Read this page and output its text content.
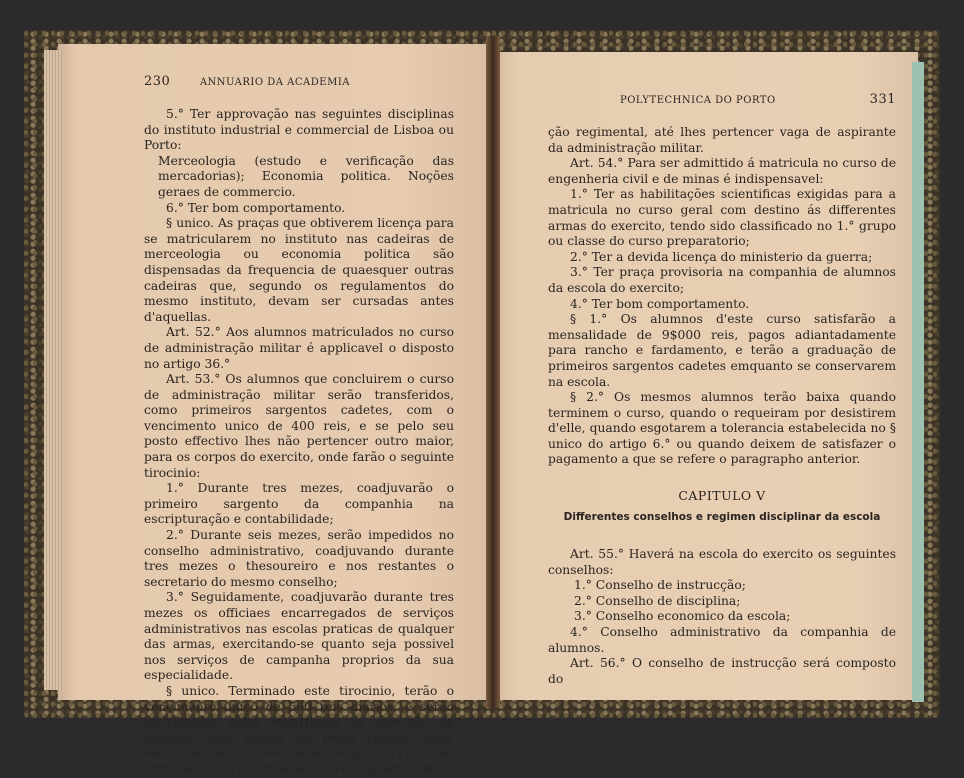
230	ANNUARIO DA ACADEMIA

5.° Ter approvação nas seguintes disciplinas do instituto industrial e commercial de Lisboa ou Porto:

Merceologia (estudo e verificação das mercadorias); Economia politica. Noções geraes de commercio.

6.° Ter bom comportamento.

§ unico. As praças que obtiverem licença para se matricularem no instituto nas cadeiras de merceologia ou economia politica são dispensadas da frequencia de quaesquer outras cadeiras que, segundo os regulamentos do mesmo instituto, devam ser cursadas antes d'aquellas.

Art. 52.° Aos alumnos matriculados no curso de administração militar é applicavel o disposto no artigo 36.°

Art. 53.° Os alumnos que concluirem o curso de administração militar serão transferidos, como primeiros sargentos cadetes, com o vencimento unico de 400 reis, e se pelo seu posto effectivo lhes não pertencer outro maior, para os corpos do exercito, onde farão o seguinte tirocinio:

1.° Durante tres mezes, coadjuvarão o primeiro sargento da companhia na escripturação e contabilidade;

2.° Durante seis mezes, serão impedidos no conselho administrativo, coadjuvando durante tres mezes o thesoureiro e nos restantes o secretario do mesmo conselho;

3.° Seguidamente, coadjuvarão durante tres mezes os officiaes encarregados de serviços administrativos nas escolas praticas de qualquer das armas, exercitando-se quanto seja possivel nos serviços de campanha proprios da sua especialidade.

§ unico. Terminado este tirocinio, terão o vencimento unico de 500 reis diarios, e serão distribuidos pelas repartições da direcção da administração militar ou pelos corpos, onde exercerão as funcções de secretario do conselho administrativo e outras auxiliares, da administra-

POLYTECHNICA DO PORTO	331

ção regimental, até lhes pertencer vaga de aspirante da administração militar.

Art. 54.° Para ser admittido á matricula no curso de engenheria civil e de minas é indispensavel:

1.° Ter as habilitações scientificas exigidas para a matricula no curso geral com destino ás differentes armas do exercito, tendo sido classificado no 1.° grupo ou classe do curso preparatorio;

2.° Ter a devida licença do ministerio da guerra;

3.° Ter praça provisoria na companhia de alumnos da escola do exercito;

4.° Ter bom comportamento.

§ 1.° Os alumnos d'este curso satisfarão a mensalidade de 9$000 reis, pagos adiantadamente para rancho e fardamento, e terão a graduação de primeiros sargentos cadetes emquanto se conservarem na escola.

§ 2.° Os mesmos alumnos terão baixa quando terminem o curso, quando o requeiram por desistirem d'elle, quando esgotarem a tolerancia estabelecida no § unico do artigo 6.° ou quando deixem de satisfazer o pagamento a que se refere o paragrapho anterior.

CAPITULO V
Differentes conselhos e regimen disciplinar da escola

Art. 55.° Haverá na escola do exercito os seguintes conselhos:

1.° Conselho de instrucção;

2.° Conselho de disciplina;

3.° Conselho economico da escola;

4.° Conselho administrativo da companhia de alumnos.

Art. 56.° O conselho de instrucção será composto do
